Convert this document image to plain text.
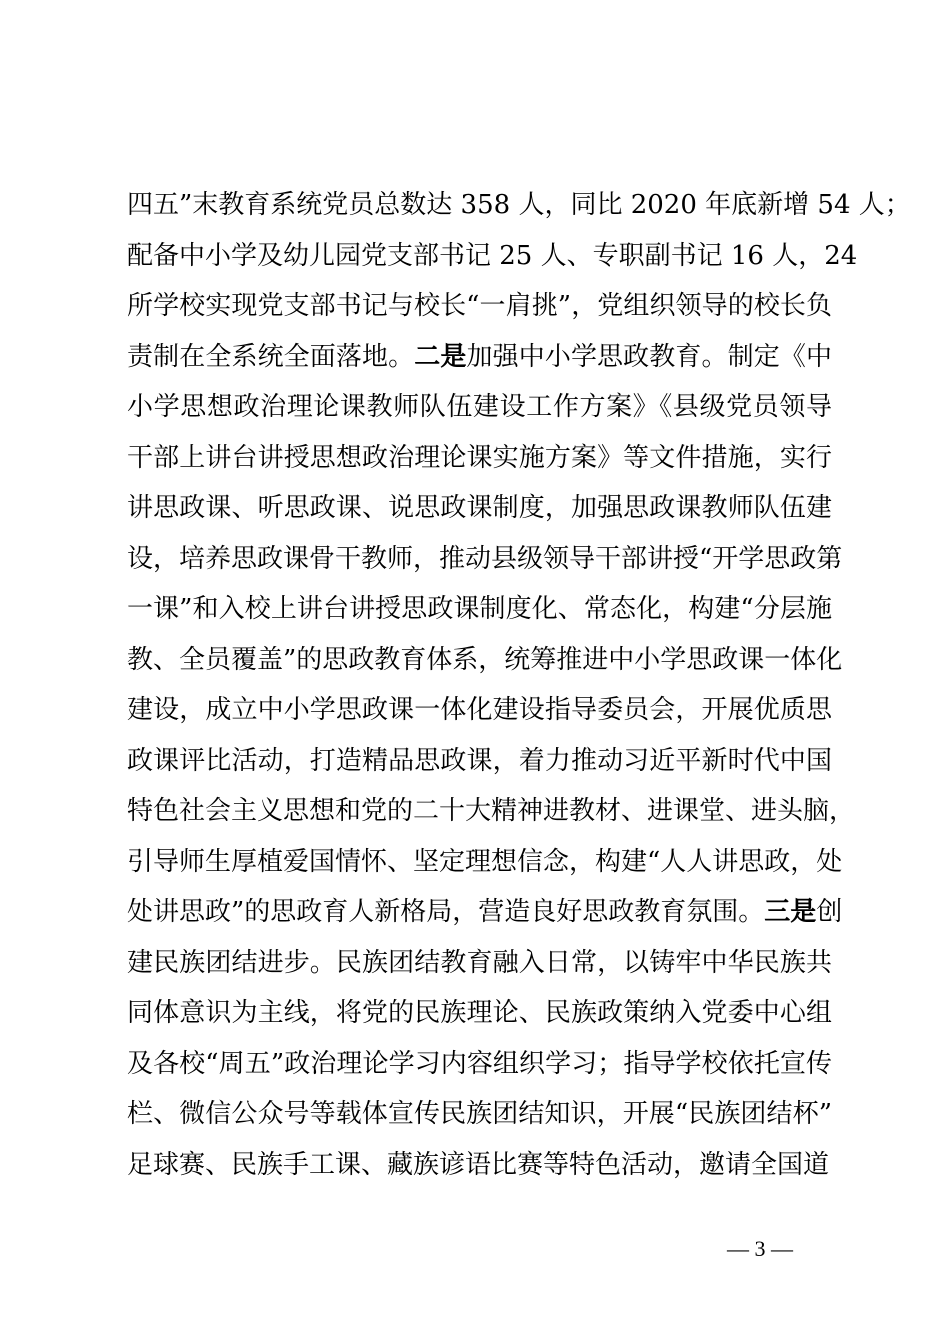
四五”末教育系统党员总数达 358 人，同比 2020 年底新增 54 人；
配备中小学及幼儿园党支部书记 25 人、专职副书记 16 人，24
所学校实现党支部书记与校长“一肩挑”，党组织领导的校长负
责制在全系统全面落地。二是加强中小学思政教育。制定《中
小学思想政治理论课教师队伍建设工作方案》《县级党员领导
干部上讲台讲授思想政治理论课实施方案》等文件措施，实行
讲思政课、听思政课、说思政课制度，加强思政课教师队伍建
设，培养思政课骨干教师，推动县级领导干部讲授“开学思政第
一课”和入校上讲台讲授思政课制度化、常态化，构建“分层施
教、全员覆盖”的思政教育体系，统筹推进中小学思政课一体化
建设，成立中小学思政课一体化建设指导委员会，开展优质思
政课评比活动，打造精品思政课，着力推动习近平新时代中国
特色社会主义思想和党的二十大精神进教材、进课堂、进头脑，
引导师生厚植爱国情怀、坚定理想信念，构建“人人讲思政，处
处讲思政”的思政育人新格局，营造良好思政教育氛围。三是创
建民族团结进步。民族团结教育融入日常，以铸牢中华民族共
同体意识为主线，将党的民族理论、民族政策纳入党委中心组
及各校“周五”政治理论学习内容组织学习；指导学校依托宣传
栏、微信公众号等载体宣传民族团结知识，开展“民族团结杯”
足球赛、民族手工课、藏族谚语比赛等特色活动，邀请全国道
— 3 —
